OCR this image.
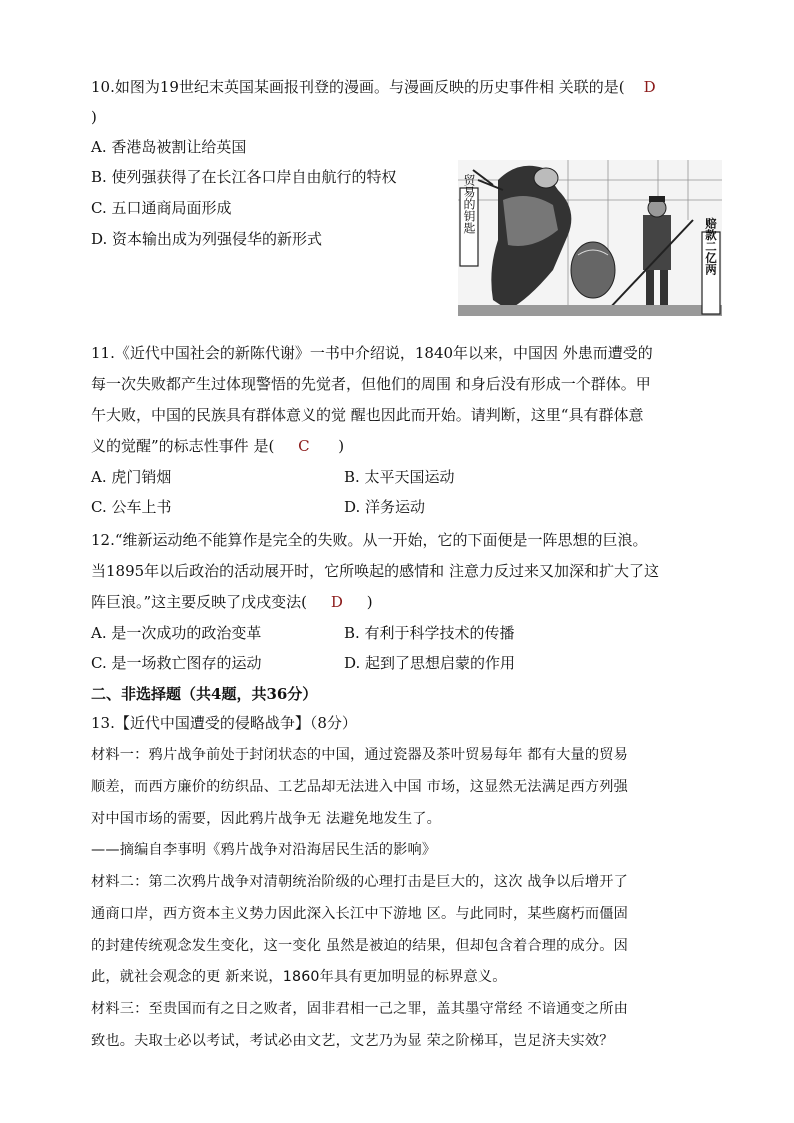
10.如图为19世纪末英国某画报刊登的漫画。与漫画反映的历史事件相 关联的是( D
)
A. 香港岛被割让给英国
B. 使列强获得了在长江各口岸自由航行的特权
C. 五口通商局面形成
D. 资本输出成为列强侵华的新形式
贸易的钥匙
赔款二亿两
11.《近代中国社会的新陈代谢》一书中介绍说，1840年以来，中国因 外患而遭受的
每一次失败都产生过体现警悟的先觉者，但他们的周围 和身后没有形成一个群体。甲
午大败，中国的民族具有群体意义的觉 醒也因此而开始。请判断，这里“具有群体意
义的觉醒”的标志性事件 是( C )
A. 虎门销烟	B. 太平天国运动
C. 公车上书	D. 洋务运动
12.“维新运动绝不能算作是完全的失败。从一开始，它的下面便是一阵思想的巨浪。
当1895年以后政治的活动展开时，它所唤起的感情和 注意力反过来又加深和扩大了这
阵巨浪。”这主要反映了戊戌变法( D )
A. 是一次成功的政治变革	B. 有利于科学技术的传播
C. 是一场救亡图存的运动	D. 起到了思想启蒙的作用
二、非选择题（共4题，共36分）
13.【近代中国遭受的侵略战争】（8分）
材料一：鸦片战争前处于封闭状态的中国，通过瓷器及茶叶贸易每年 都有大量的贸易
顺差，而西方廉价的纺织品、工艺品却无法进入中国 市场，这显然无法满足西方列强
对中国市场的需要，因此鸦片战争无 法避免地发生了。
——摘编自李事明《鸦片战争对沿海居民生活的影响》
材料二：第二次鸦片战争对清朝统治阶级的心理打击是巨大的，这次 战争以后增开了
通商口岸，西方资本主义势力因此深入长江中下游地 区。与此同时，某些腐朽而僵固
的封建传统观念发生变化，这一变化 虽然是被迫的结果，但却包含着合理的成分。因
此，就社会观念的更 新来说，1860年具有更加明显的标界意义。
材料三：至贵国而有之日之败者，固非君相一己之罪，盖其墨守常经 不谙通变之所由
致也。夫取士必以考试，考试必由文艺，文艺乃为显 荣之阶梯耳，岂足济夫实效？
